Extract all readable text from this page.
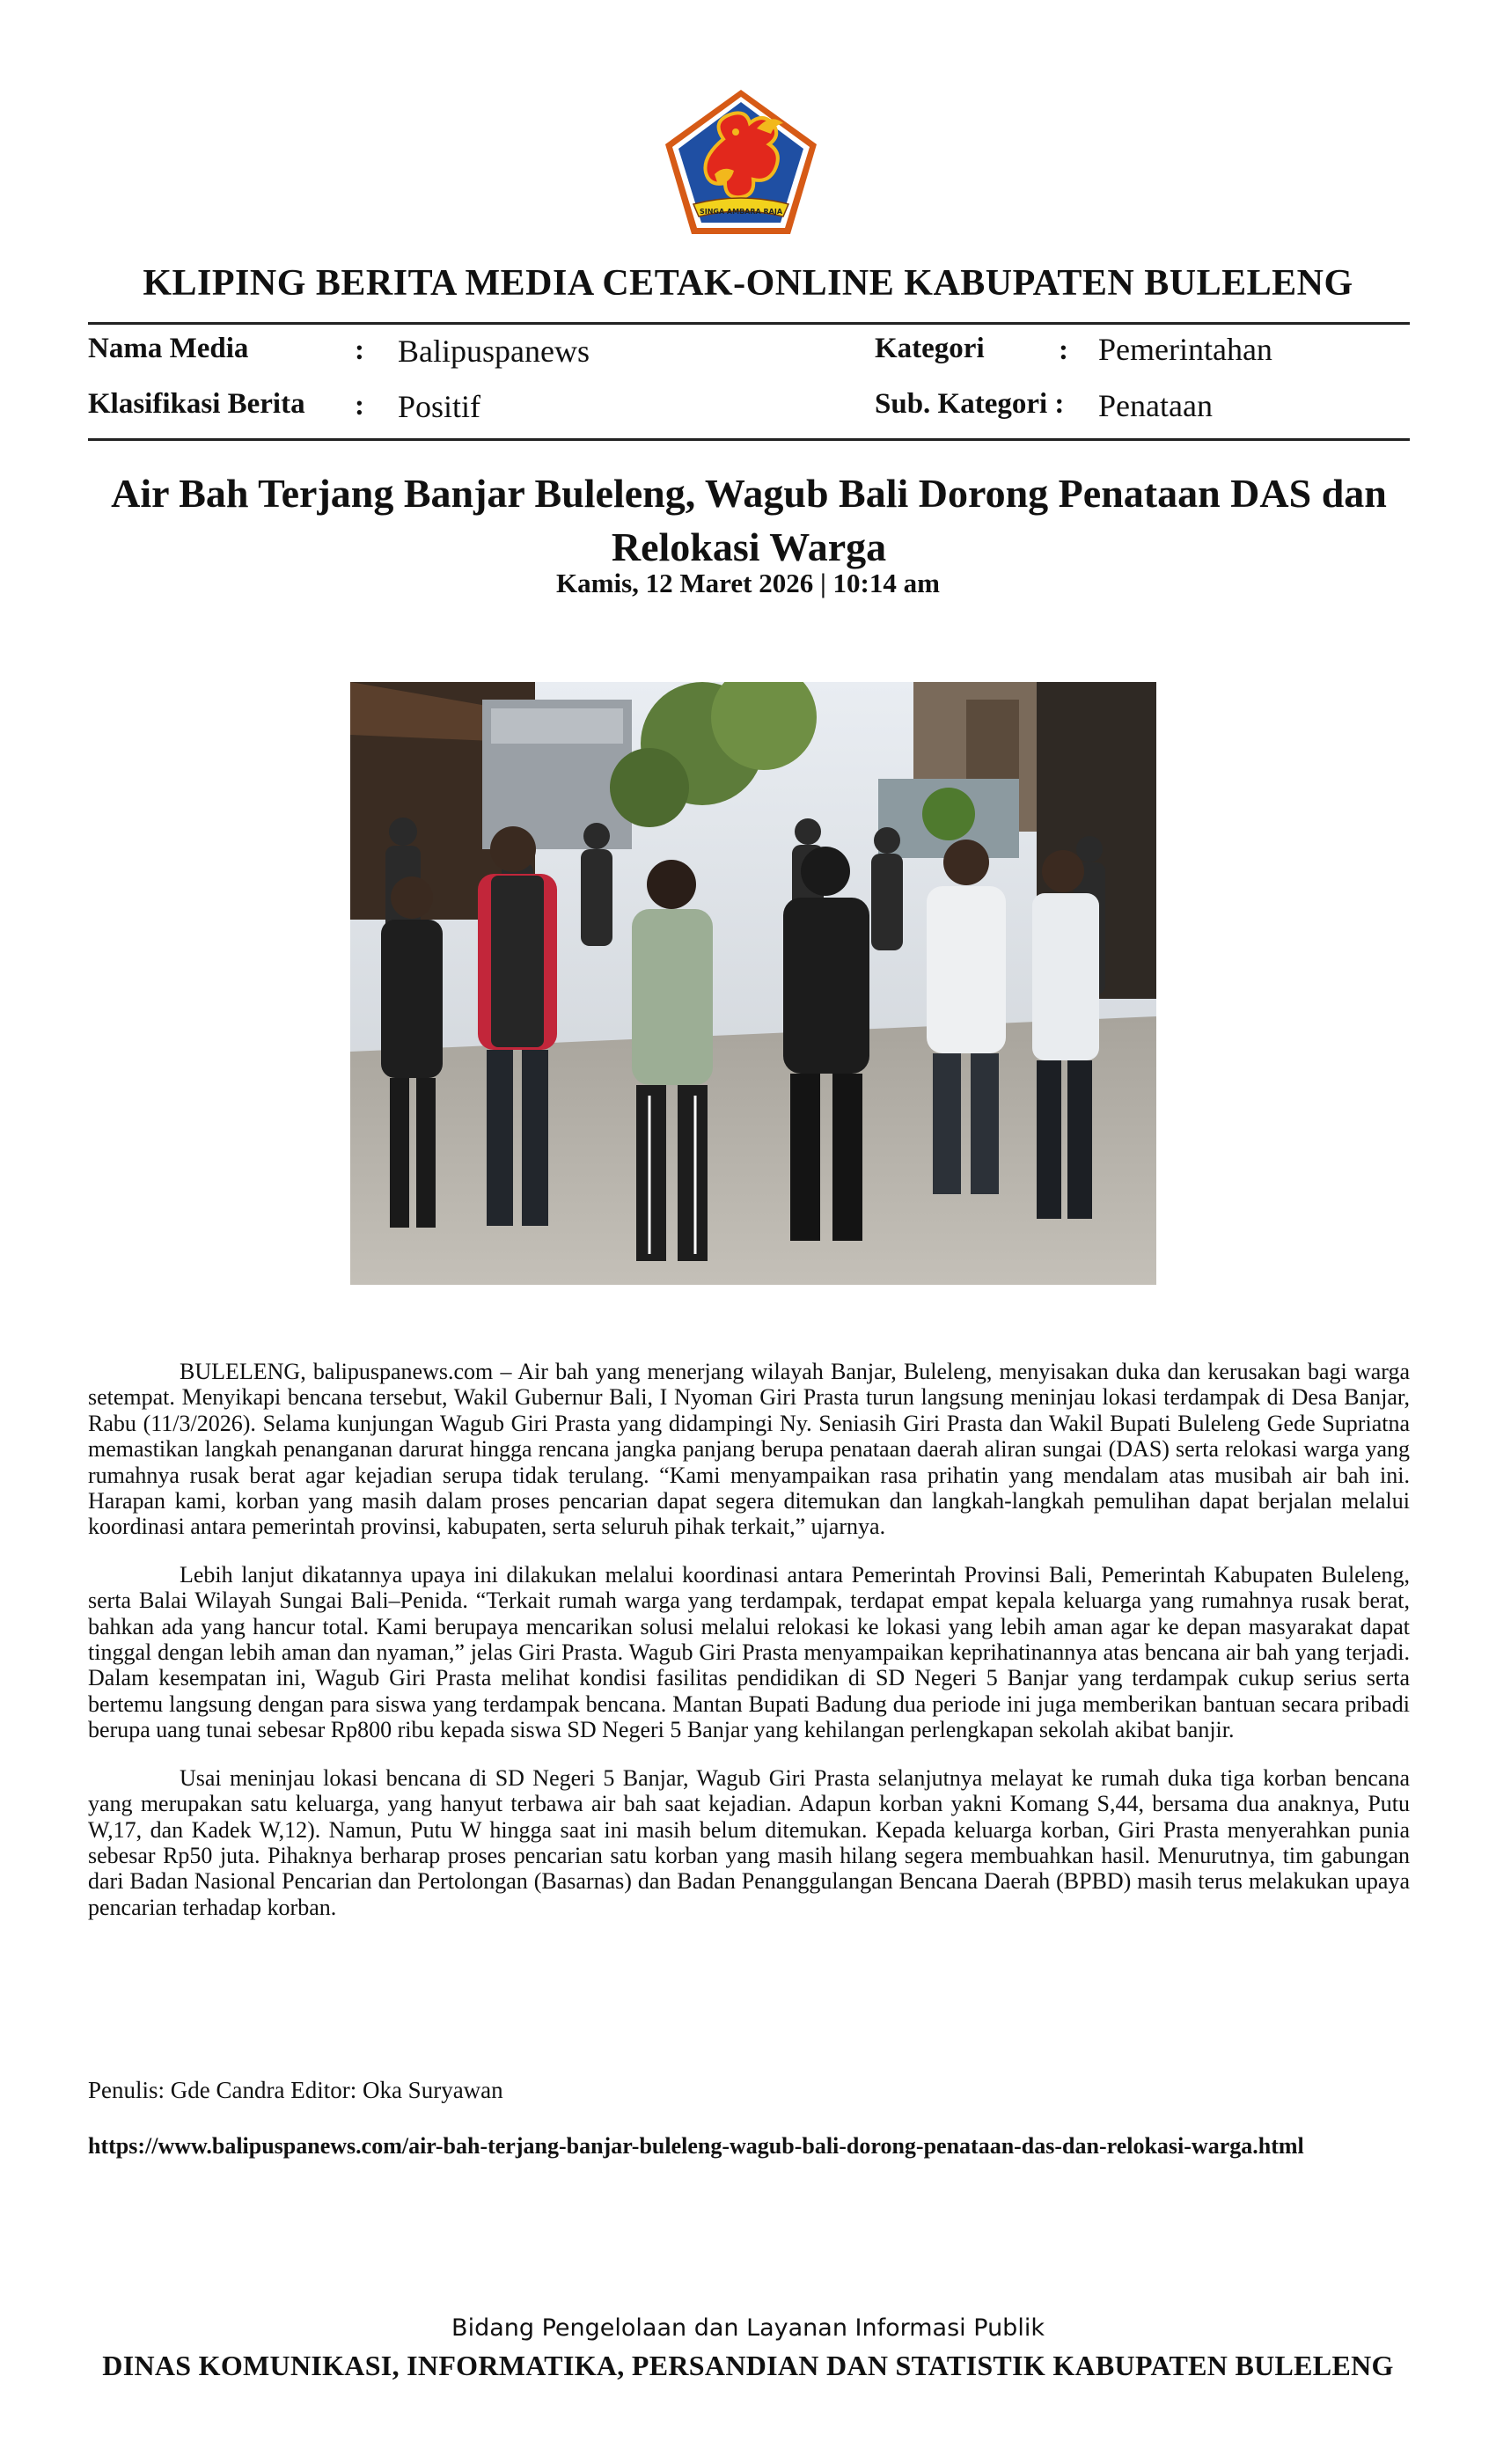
SINGA AMBARA RAJA
KLIPING BERITA MEDIA CETAK-ONLINE KABUPATEN BULELENG
Nama Media	: Balipuspanews	Kategori	: Pemerintahan
Klasifikasi Berita : Positif	Sub. Kategori : Penataan
Air Bah Terjang Banjar Buleleng, Wagub Bali Dorong Penataan DAS dan Relokasi Warga
Kamis, 12 Maret 2026 | 10:14 am

BULELENG, balipuspanews.com – Air bah yang menerjang wilayah Banjar, Buleleng, menyisakan duka dan kerusakan bagi warga setempat. Menyikapi bencana tersebut, Wakil Gubernur Bali, I Nyoman Giri Prasta turun langsung meninjau lokasi terdampak di Desa Banjar, Rabu (11/3/2026). Selama kunjungan Wagub Giri Prasta yang didampingi Ny. Seniasih Giri Prasta dan Wakil Bupati Buleleng Gede Supriatna memastikan langkah penanganan darurat hingga rencana jangka panjang berupa penataan daerah aliran sungai (DAS) serta relokasi warga yang rumahnya rusak berat agar kejadian serupa tidak terulang. “Kami menyampaikan rasa prihatin yang mendalam atas musibah air bah ini. Harapan kami, korban yang masih dalam proses pencarian dapat segera ditemukan dan langkah-langkah pemulihan dapat berjalan melalui koordinasi antara pemerintah provinsi, kabupaten, serta seluruh pihak terkait,” ujarnya.

Lebih lanjut dikatannya upaya ini dilakukan melalui koordinasi antara Pemerintah Provinsi Bali, Pemerintah Kabupaten Buleleng, serta Balai Wilayah Sungai Bali–Penida. “Terkait rumah warga yang terdampak, terdapat empat kepala keluarga yang rumahnya rusak berat, bahkan ada yang hancur total. Kami berupaya mencarikan solusi melalui relokasi ke lokasi yang lebih aman agar ke depan masyarakat dapat tinggal dengan lebih aman dan nyaman,” jelas Giri Prasta. Wagub Giri Prasta menyampaikan keprihatinannya atas bencana air bah yang terjadi. Dalam kesempatan ini, Wagub Giri Prasta melihat kondisi fasilitas pendidikan di SD Negeri 5 Banjar yang terdampak cukup serius serta bertemu langsung dengan para siswa yang terdampak bencana. Mantan Bupati Badung dua periode ini juga memberikan bantuan secara pribadi berupa uang tunai sebesar Rp800 ribu kepada siswa SD Negeri 5 Banjar yang kehilangan perlengkapan sekolah akibat banjir.

Usai meninjau lokasi bencana di SD Negeri 5 Banjar, Wagub Giri Prasta selanjutnya melayat ke rumah duka tiga korban bencana yang merupakan satu keluarga, yang hanyut terbawa air bah saat kejadian. Adapun korban yakni Komang S,44, bersama dua anaknya, Putu W,17, dan Kadek W,12). Namun, Putu W hingga saat ini masih belum ditemukan. Kepada keluarga korban, Giri Prasta menyerahkan punia sebesar Rp50 juta. Pihaknya berharap proses pencarian satu korban yang masih hilang segera membuahkan hasil. Menurutnya, tim gabungan dari Badan Nasional Pencarian dan Pertolongan (Basarnas) dan Badan Penanggulangan Bencana Daerah (BPBD) masih terus melakukan upaya pencarian terhadap korban.

Penulis: Gde Candra Editor: Oka Suryawan
https://www.balipuspanews.com/air-bah-terjang-banjar-buleleng-wagub-bali-dorong-penataan-das-dan-relokasi-warga.html
Bidang Pengelolaan dan Layanan Informasi Publik
DINAS KOMUNIKASI, INFORMATIKA, PERSANDIAN DAN STATISTIK KABUPATEN BULELENG
